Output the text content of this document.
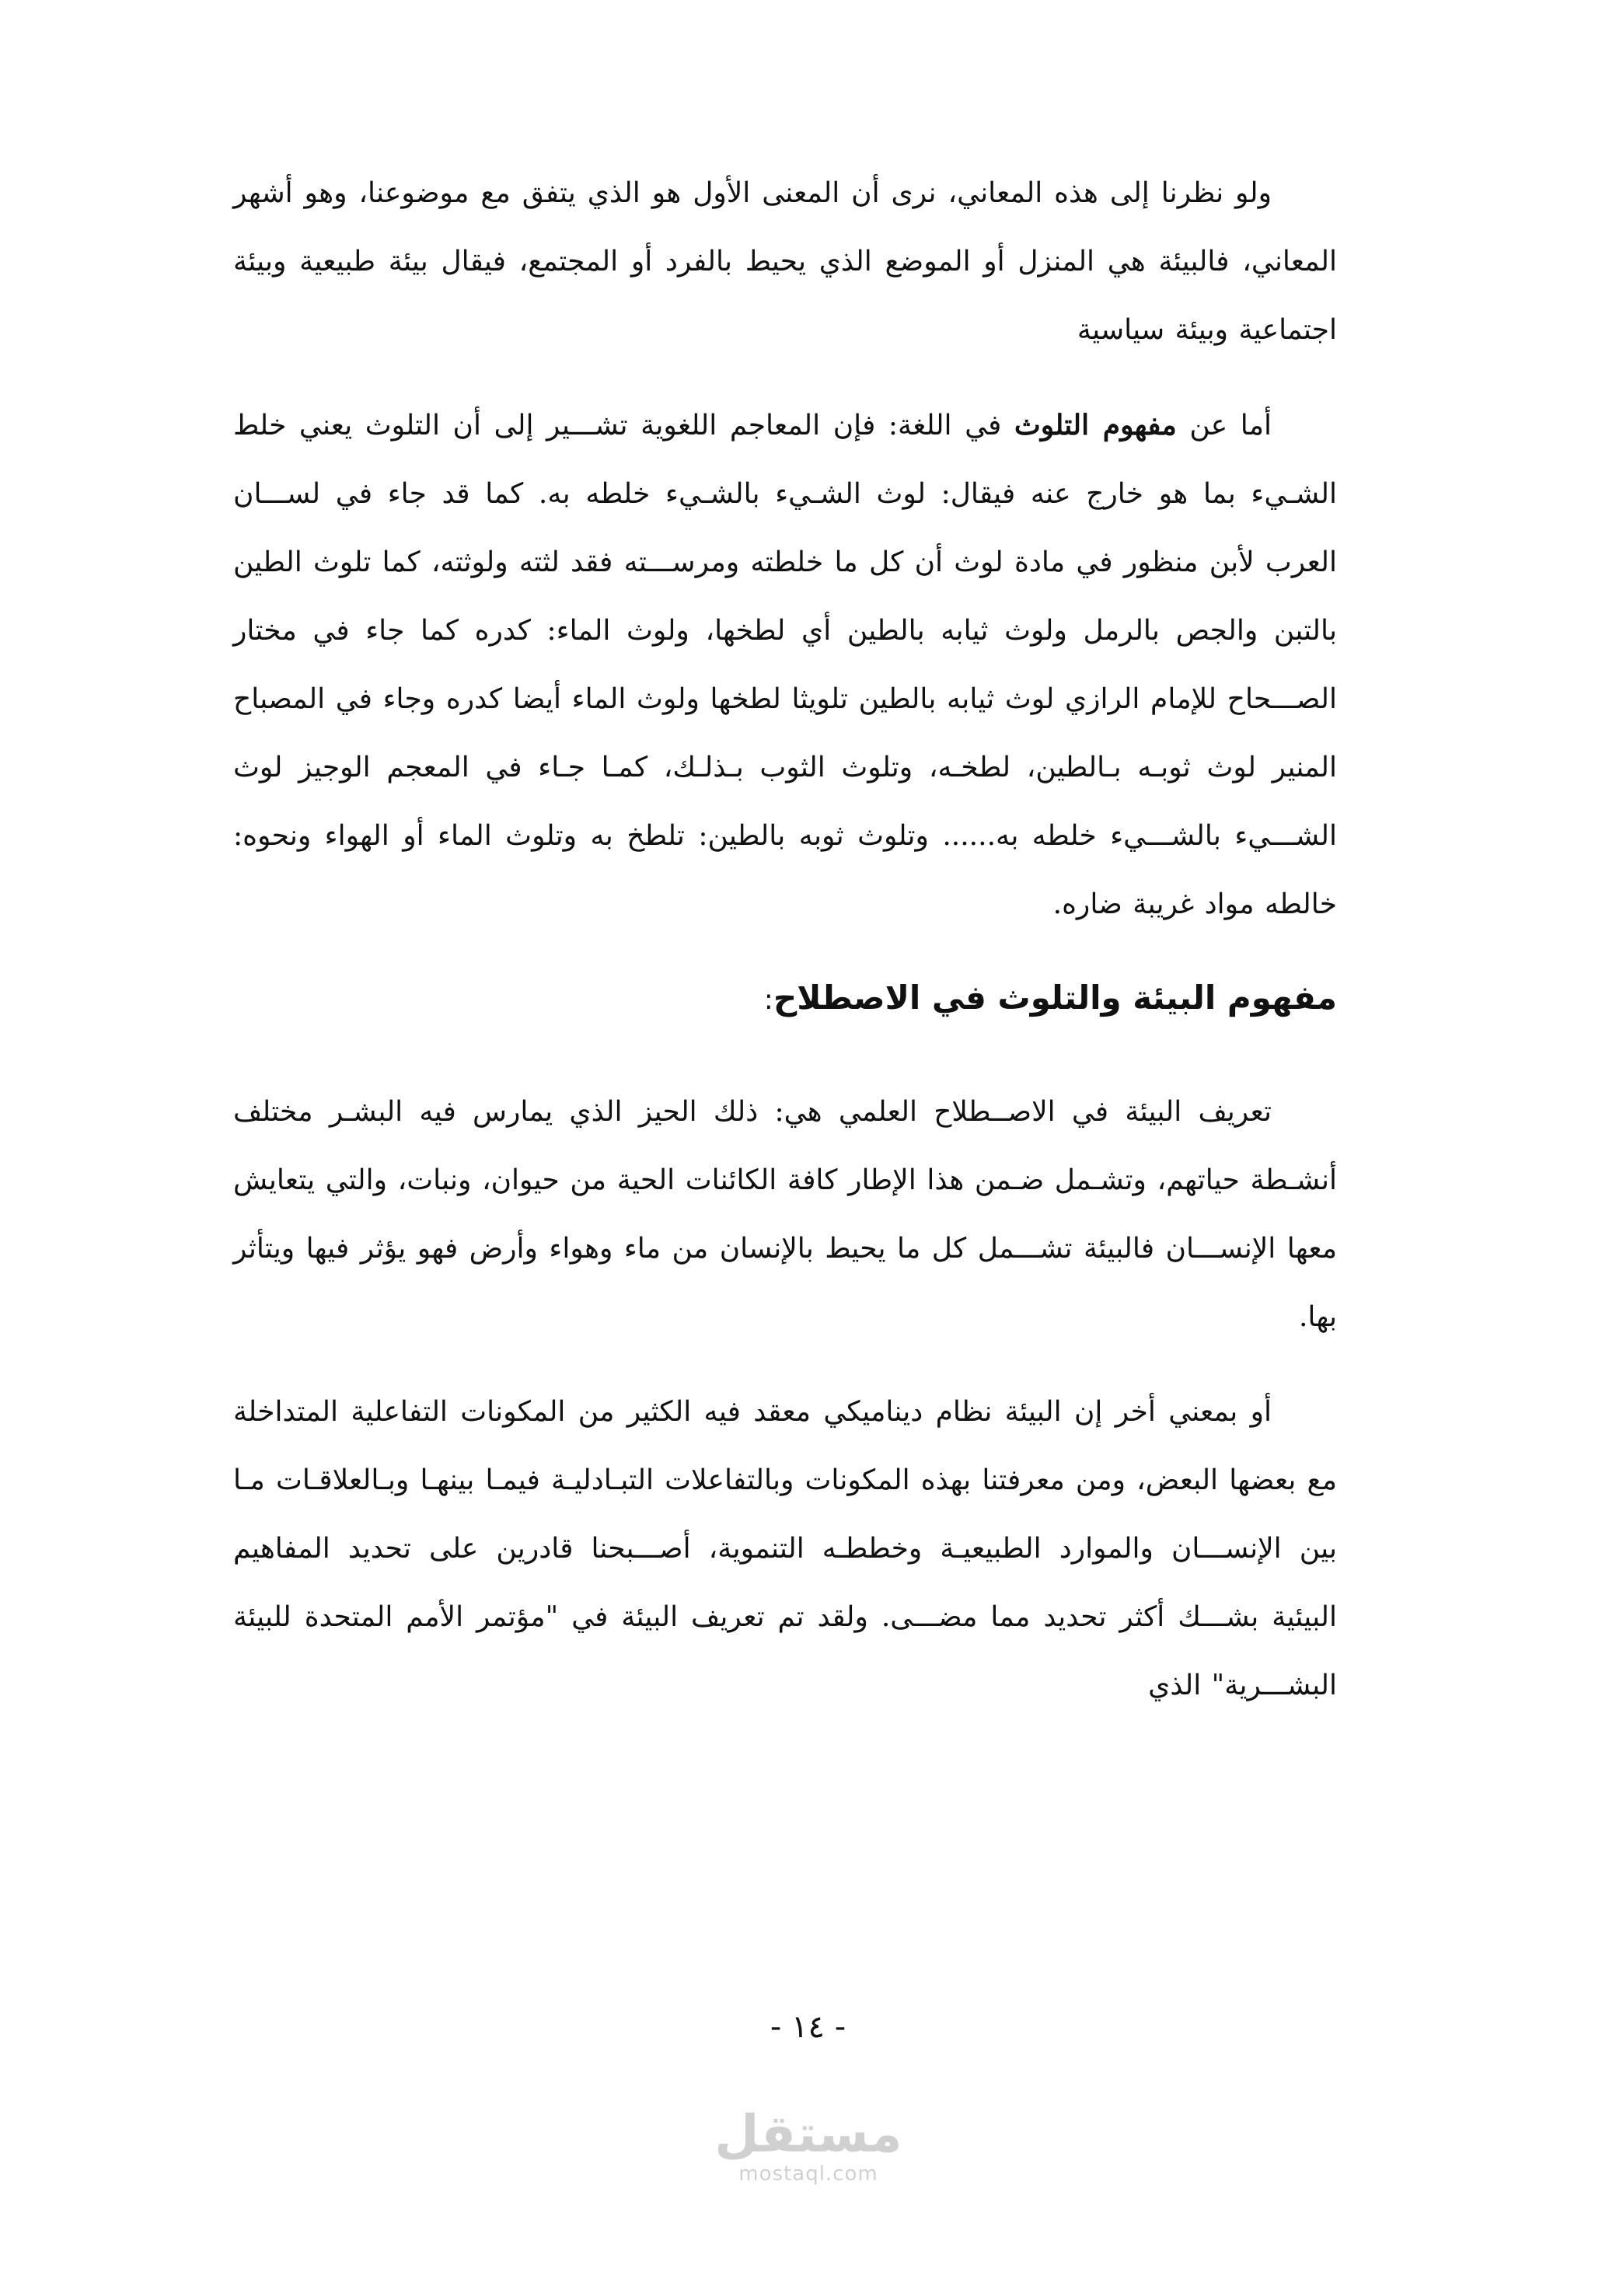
ولو نظرنا إلى هذه المعاني، نرى أن المعنى الأول هو الذي يتفق مع موضوعنا، وهو أشهر المعاني، فالبيئة هي المنزل أو الموضع الذي يحيط بالفرد أو المجتمع، فيقال بيئة طبيعية وبيئة اجتماعية وبيئة سياسية

أما عن مفهوم التلوث في اللغة: فإن المعاجم اللغوية تشـــير إلى أن التلوث يعني خلط الشـيء بما هو خارج عنه فيقال: لوث الشـيء بالشـيء خلطه به. كما قد جاء في لســـان العرب لأبن منظور في مادة لوث أن كل ما خلطته ومرســـته فقد لثته ولوثته، كما تلوث الطين بالتبن والجص بالرمل ولوث ثيابه بالطين أي لطخها، ولوث الماء: كدره كما جاء في مختار الصـــحاح للإمام الرازي لوث ثيابه بالطين تلويثا لطخها ولوث الماء أيضا كدره وجاء في المصباح المنير لوث ثوبـه بـالطين، لطخـه، وتلوث الثوب بـذلـك، كمـا جـاء في المعجم الوجيز لوث الشـــيء بالشـــيء خلطه به...... وتلوث ثوبه بالطين: تلطخ به وتلوث الماء أو الهواء ونحوه: خالطه مواد غريبة ضاره.

مفهوم البيئة والتلوث في الاصطلاح:

تعريف البيئة في الاصــطلاح العلمي هي: ذلك الحيز الذي يمارس فيه البشـر مختلف أنشـطة حياتهم، وتشـمل ضـمن هذا الإطار كافة الكائنات الحية من حيوان، ونبات، والتي يتعايش معها الإنســـان فالبيئة تشـــمل كل ما يحيط بالإنسان من ماء وهواء وأرض فهو يؤثر فيها ويتأثر بها.

أو بمعني أخر إن البيئة نظام ديناميكي معقد فيه الكثير من المكونات التفاعلية المتداخلة مع بعضها البعض، ومن معرفتنا بهذه المكونات وبالتفاعلات التبـادليـة فيمـا بينهـا وبـالعلاقـات مـا بين الإنســـان والموارد الطبيعيـة وخططـه التنموية، أصـــبحنا قادرين على تحديد المفاهيم البيئية بشـــك أكثر تحديد مما مضـــى. ولقد تم تعريف البيئة في "مؤتمر الأمم المتحدة للبيئة البشـــرية" الذي

- ١٤ -
مستقل
mostaql.com
